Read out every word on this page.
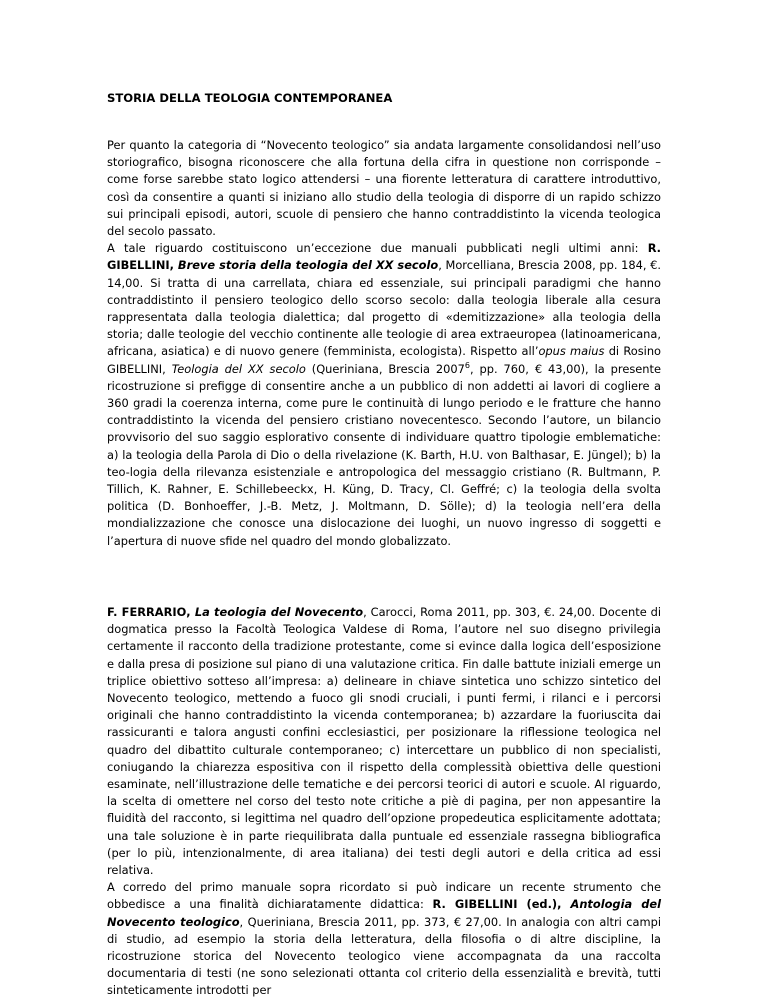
STORIA DELLA TEOLOGIA CONTEMPORANEA
Per quanto la categoria di “Novecento teologico” sia andata largamente consolidandosi nell’uso storiografico, bisogna riconoscere che alla fortuna della cifra in questione non corrisponde – come forse sarebbe stato logico attendersi – una fiorente letteratura di carattere introduttivo, così da consentire a quanti si iniziano allo studio della teologia di disporre di un rapido schizzo sui principali episodi, autori, scuole di pensiero che hanno contraddistinto la vicenda teologica del secolo passato.
A tale riguardo costituiscono un’eccezione due manuali pubblicati negli ultimi anni: R. GIBELLINI, Breve storia della teologia del XX secolo, Morcelliana, Brescia 2008, pp. 184, €. 14,00. Si tratta di una carrellata, chiara ed essenziale, sui principali paradigmi che hanno contraddistinto il pensiero teologico dello scorso secolo: dalla teologia liberale alla cesura rappresentata dalla teologia dialettica; dal progetto di «demitizzazione» alla teologia della storia; dalle teologie del vecchio continente alle teologie di area extraeuropea (latinoamericana, africana, asiatica) e di nuovo genere (femminista, ecologista). Rispetto all’opus maius di Rosino GIBELLINI, Teologia del XX secolo (Queriniana, Brescia 2007$^6$, pp. 760, € 43,00), la presente ricostruzione si prefigge di consentire anche a un pubblico di non addetti ai lavori di cogliere a 360 gradi la coerenza interna, come pure le continuità di lungo periodo e le fratture che hanno contraddistinto la vicenda del pensiero cristiano novecentesco. Secondo l’autore, un bilancio provvisorio del suo saggio esplorativo consente di individuare quattro tipologie emblematiche: a) la teologia della Parola di Dio o della rivelazione (K. Barth, H.U. von Balthasar, E. Jüngel); b) la teo-logia della rilevanza esistenziale e antropologica del messaggio cristiano (R. Bultmann, P. Tillich, K. Rahner, E. Schillebeeckx, H. Küng, D. Tracy, Cl. Geffré; c) la teologia della svolta politica (D. Bonhoeffer, J.-B. Metz, J. Moltmann, D. Sölle); d) la teologia nell’era della mondializzazione che conosce una dislocazione dei luoghi, un nuovo ingresso di soggetti e l’apertura di nuove sfide nel quadro del mondo globalizzato.
F. FERRARIO, La teologia del Novecento, Carocci, Roma 2011, pp. 303, €. 24,00. Docente di dogmatica presso la Facoltà Teologica Valdese di Roma, l’autore nel suo disegno privilegia certamente il racconto della tradizione protestante, come si evince dalla logica dell’esposizione e dalla presa di posizione sul piano di una valutazione critica. Fin dalle battute iniziali emerge un triplice obiettivo sotteso all’impresa: a) delineare in chiave sintetica uno schizzo sintetico del Novecento teologico, mettendo a fuoco gli snodi cruciali, i punti fermi, i rilanci e i percorsi originali che hanno contraddistinto la vicenda contemporanea; b) azzardare la fuoriuscita dai rassicuranti e talora angusti confini ecclesiastici, per posizionare la riflessione teologica nel quadro del dibattito culturale contemporaneo; c) intercettare un pubblico di non specialisti, coniugando la chiarezza espositiva con il rispetto della complessità obiettiva delle questioni esaminate, nell’illustrazione delle tematiche e dei percorsi teorici di autori e scuole. Al riguardo, la scelta di omettere nel corso del testo note critiche a piè di pagina, per non appesantire la fluidità del racconto, si legittima nel quadro dell’opzione propedeutica esplicitamente adottata; una tale soluzione è in parte riequilibrata dalla puntuale ed essenziale rassegna bibliografica (per lo più, intenzionalmente, di area italiana) dei testi degli autori e della critica ad essi relativa.
A corredo del primo manuale sopra ricordato si può indicare un recente strumento che obbedisce a una finalità dichiaratamente didattica: R. GIBELLINI (ed.), Antologia del Novecento teologico, Queriniana, Brescia 2011, pp. 373, € 27,00. In analogia con altri campi di studio, ad esempio la storia della letteratura, della filosofia o di altre discipline, la ricostruzione storica del Novecento teologico viene accompagnata da una raccolta documentaria di testi (ne sono selezionati ottanta col criterio della essenzialità e brevità, tutti sinteticamente introdotti per
